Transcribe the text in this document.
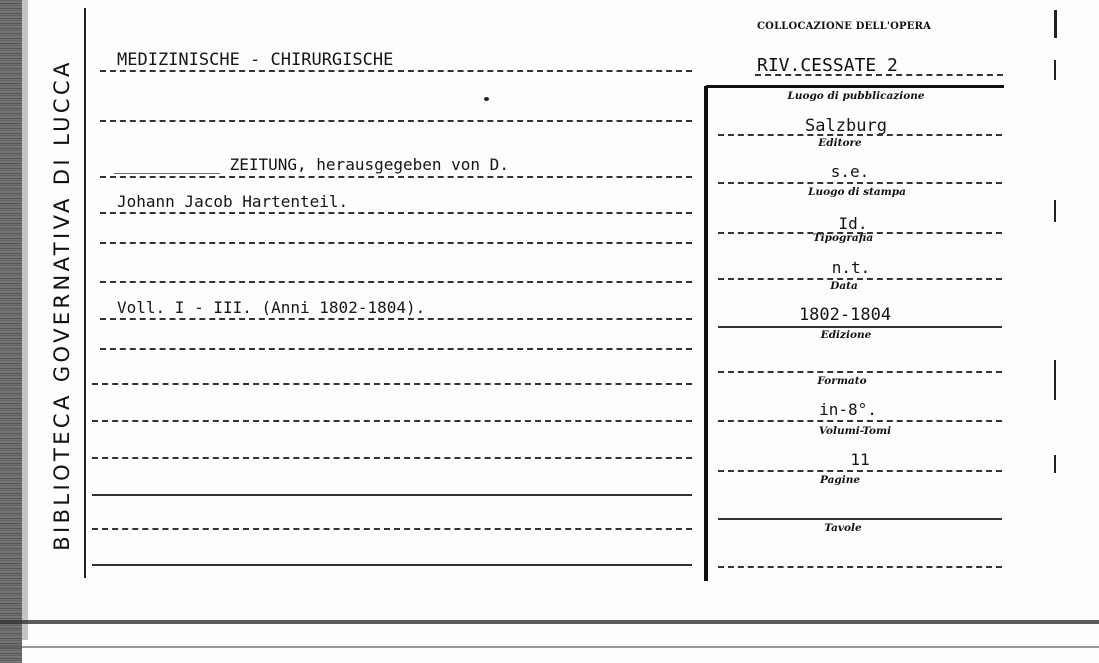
BIBLIOTECA GOVERNATIVA DI LUCCA
COLLOCAZIONE DELL'OPERA
RIV.CESSATE 2
MEDIZINISCHE - CHIRURGISCHE
___________ ZEITUNG, herausgegeben von D.
Johann Jacob Hartenteil.
Voll. I - III. (Anni 1802-1804).
Luogo di pubblicazione
Salzburg
Editore
s.e.
Luogo di stampa
Id.
Tipografia
n.t.
Data
1802-1804
Edizione
Formato
in-8°.
Volumi-Tomi
11
Pagine
Tavole
